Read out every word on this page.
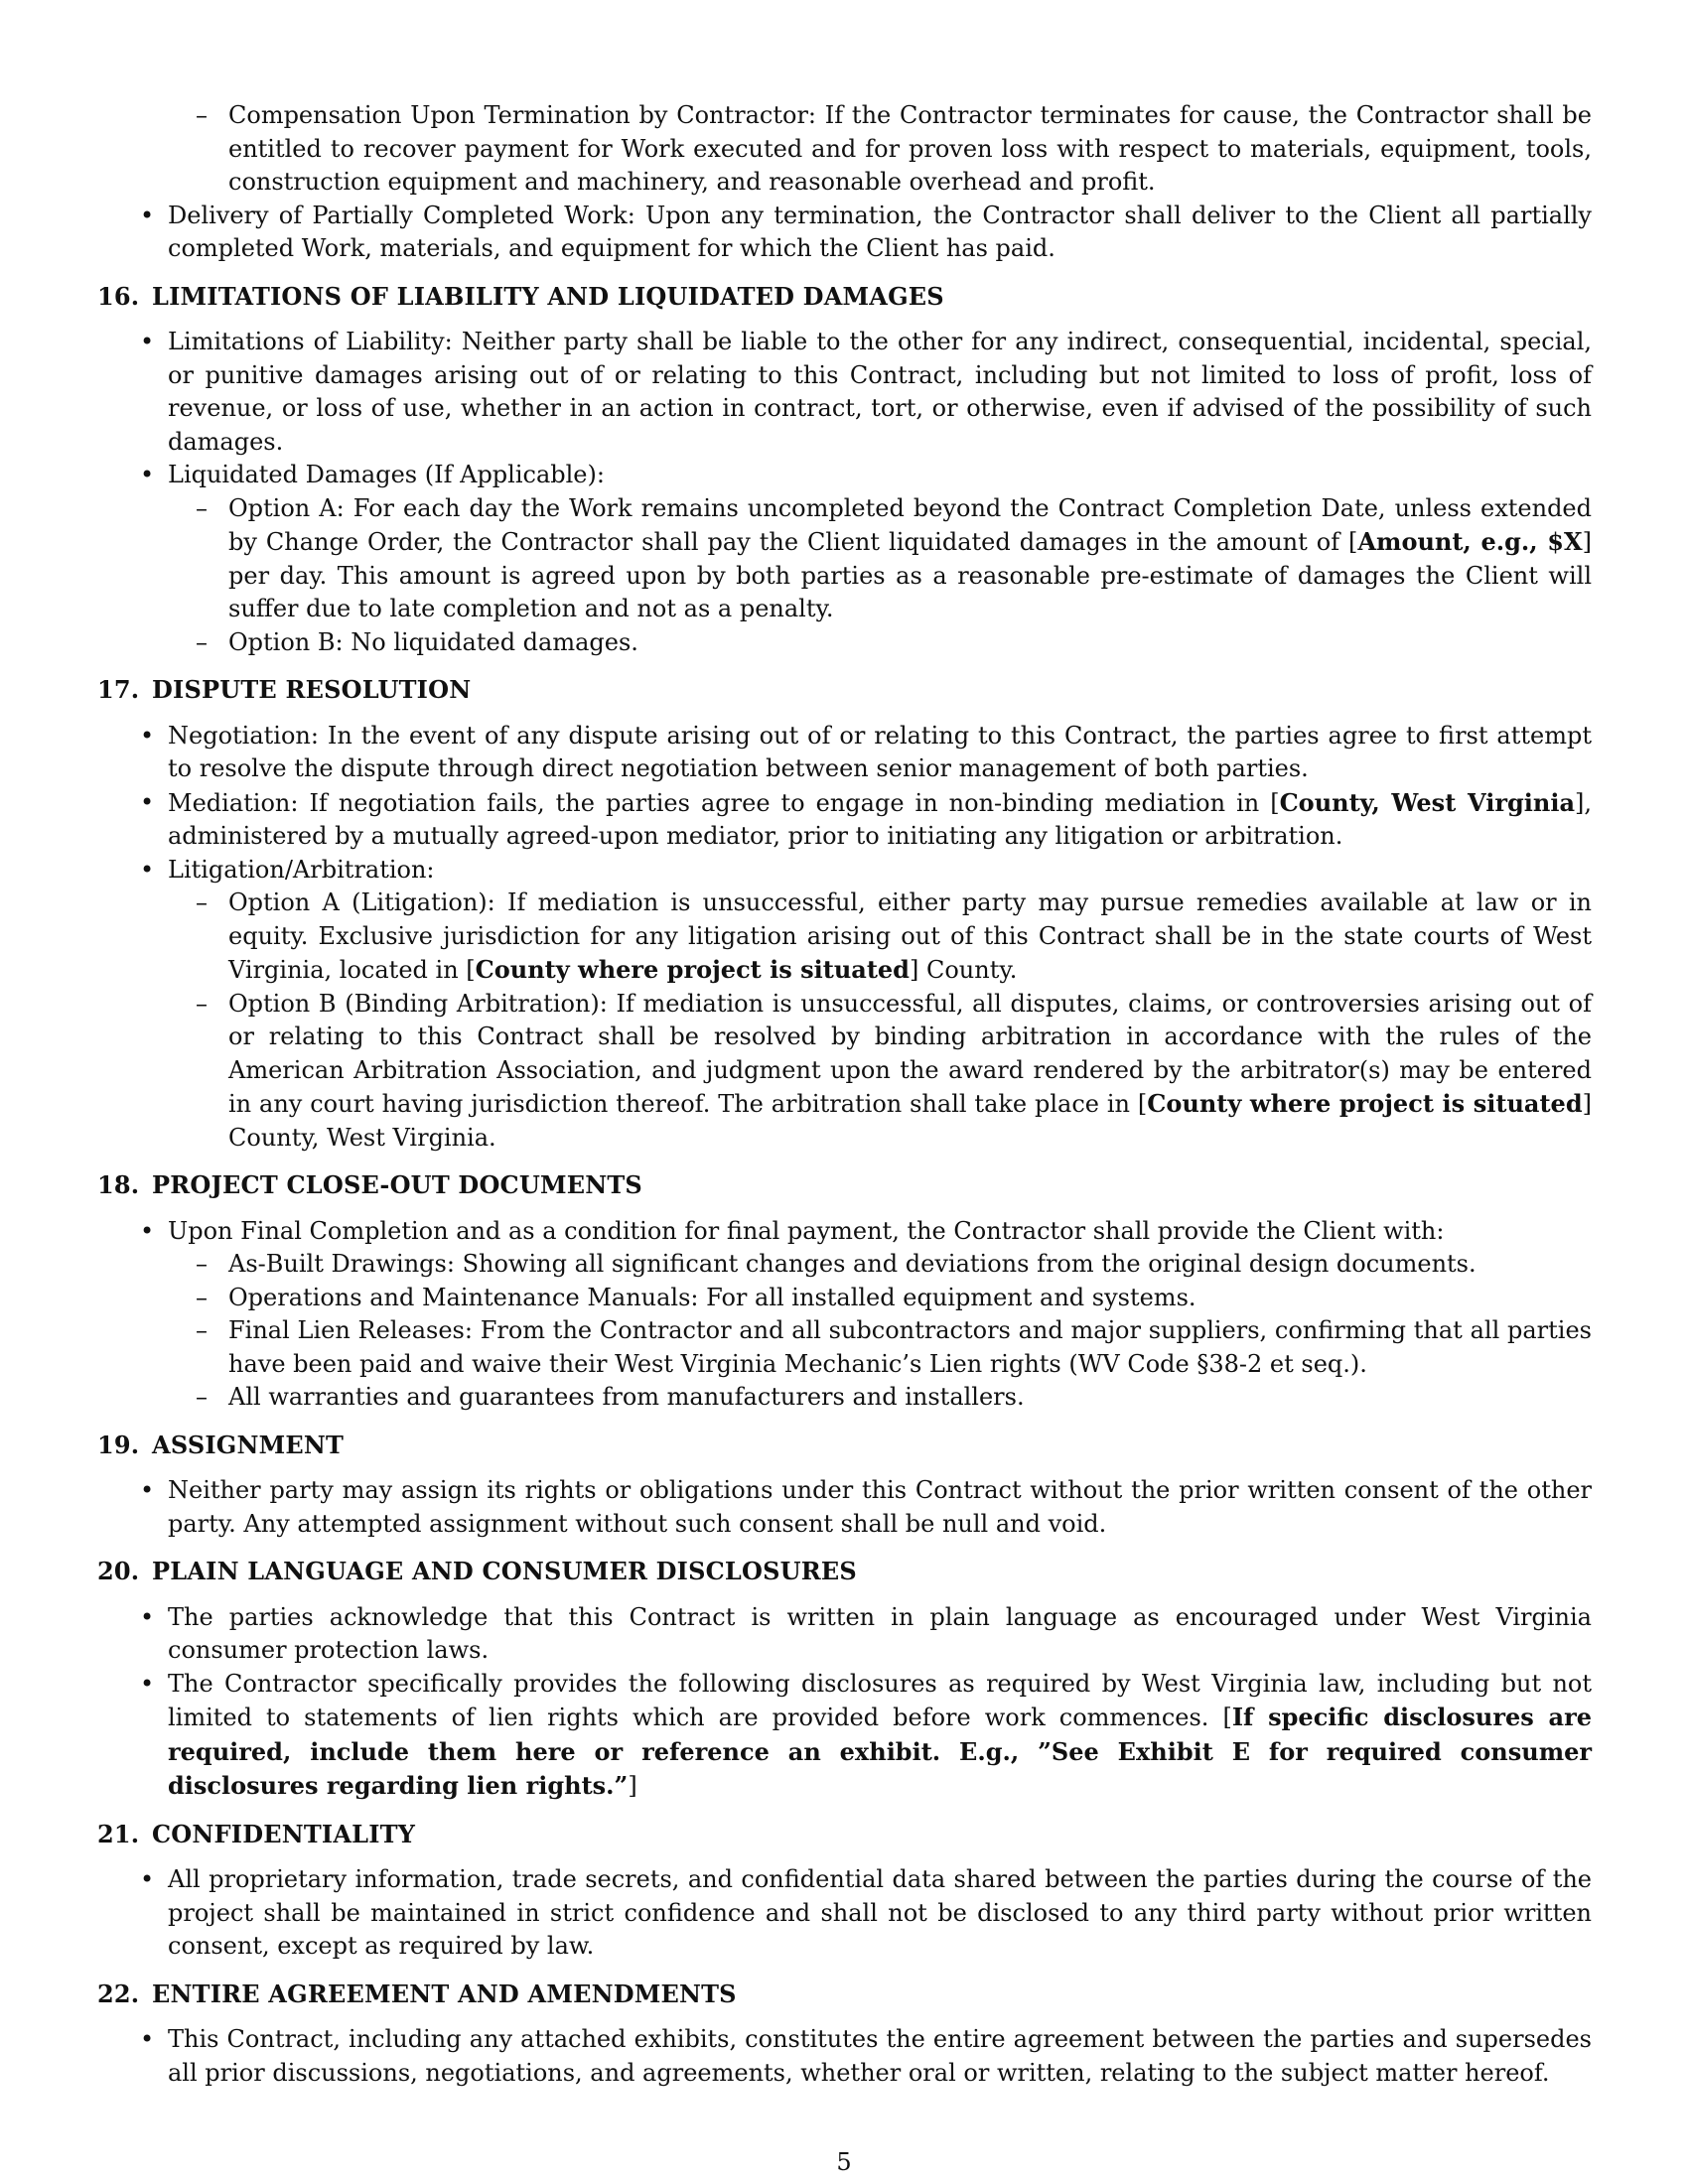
– Compensation Upon Termination by Contractor: If the Contractor terminates for cause, the Contractor shall be entitled to recover payment for Work executed and for proven loss with respect to materials, equipment, tools, construction equipment and machinery, and reasonable overhead and profit.
• Delivery of Partially Completed Work: Upon any termination, the Contractor shall deliver to the Client all partially completed Work, materials, and equipment for which the Client has paid.

16. LIMITATIONS OF LIABILITY AND LIQUIDATED DAMAGES

• Limitations of Liability: Neither party shall be liable to the other for any indirect, consequential, incidental, special, or punitive damages arising out of or relating to this Contract, including but not limited to loss of profit, loss of revenue, or loss of use, whether in an action in contract, tort, or otherwise, even if advised of the possibility of such damages.
• Liquidated Damages (If Applicable):
– Option A: For each day the Work remains uncompleted beyond the Contract Completion Date, unless extended by Change Order, the Contractor shall pay the Client liquidated damages in the amount of [Amount, e.g., $X] per day. This amount is agreed upon by both parties as a reasonable pre-estimate of damages the Client will suffer due to late completion and not as a penalty.
– Option B: No liquidated damages.

17. DISPUTE RESOLUTION

• Negotiation: In the event of any dispute arising out of or relating to this Contract, the parties agree to first attempt to resolve the dispute through direct negotiation between senior management of both parties.
• Mediation: If negotiation fails, the parties agree to engage in non-binding mediation in [County, West Virginia], administered by a mutually agreed-upon mediator, prior to initiating any litigation or arbitration.
• Litigation/Arbitration:
– Option A (Litigation): If mediation is unsuccessful, either party may pursue remedies available at law or in equity. Exclusive jurisdiction for any litigation arising out of this Contract shall be in the state courts of West Virginia, located in [County where project is situated] County.
– Option B (Binding Arbitration): If mediation is unsuccessful, all disputes, claims, or controversies arising out of or relating to this Contract shall be resolved by binding arbitration in accordance with the rules of the American Arbitration Association, and judgment upon the award rendered by the arbitrator(s) may be entered in any court having jurisdiction thereof. The arbitration shall take place in [County where project is situated] County, West Virginia.

18. PROJECT CLOSE-OUT DOCUMENTS

• Upon Final Completion and as a condition for final payment, the Contractor shall provide the Client with:
– As-Built Drawings: Showing all significant changes and deviations from the original design documents.
– Operations and Maintenance Manuals: For all installed equipment and systems.
– Final Lien Releases: From the Contractor and all subcontractors and major suppliers, confirming that all parties have been paid and waive their West Virginia Mechanic’s Lien rights (WV Code §38-2 et seq.).
– All warranties and guarantees from manufacturers and installers.

19. ASSIGNMENT

• Neither party may assign its rights or obligations under this Contract without the prior written consent of the other party. Any attempted assignment without such consent shall be null and void.

20. PLAIN LANGUAGE AND CONSUMER DISCLOSURES

• The parties acknowledge that this Contract is written in plain language as encouraged under West Virginia consumer protection laws.
• The Contractor specifically provides the following disclosures as required by West Virginia law, including but not limited to statements of lien rights which are provided before work commences. [If specific disclosures are required, include them here or reference an exhibit. E.g., ”See Exhibit E for required consumer disclosures regarding lien rights.”]

21. CONFIDENTIALITY

• All proprietary information, trade secrets, and confidential data shared between the parties during the course of the project shall be maintained in strict confidence and shall not be disclosed to any third party without prior written consent, except as required by law.

22. ENTIRE AGREEMENT AND AMENDMENTS

• This Contract, including any attached exhibits, constitutes the entire agreement between the parties and supersedes all prior discussions, negotiations, and agreements, whether oral or written, relating to the subject matter hereof.
5
